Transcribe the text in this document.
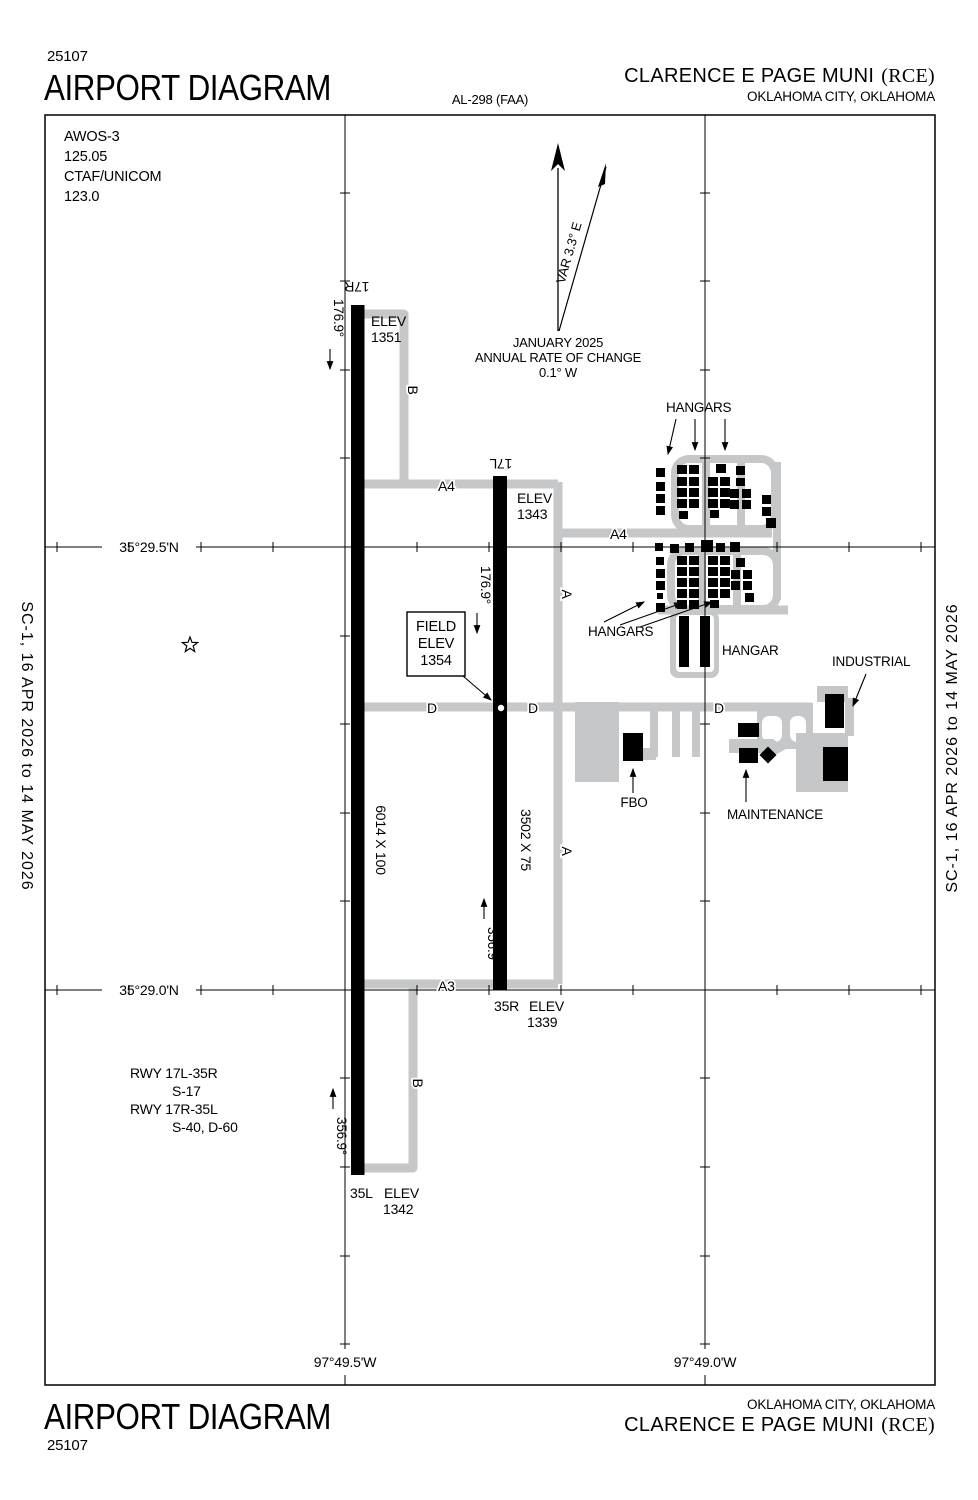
25107
AIRPORT DIAGRAM	AL-298 (FAA)
CLARENCE E PAGE MUNI (RCE)
OKLAHOMA CITY, OKLAHOMA
SC-1, 16 APR 2026 to 14 MAY 2026	SC-1, 16 APR 2026 to 14 MAY 2026
VAR 3.3° E
JANUARY 2025
ANNUAL RATE OF CHANGE
0.1° W
AWOS-3
125.05
CTAF/UNICOM
123.0
17R
17L
35R ELEV
1339
35L ELEV
1342
ELEV
1351
ELEV
1343
176.9°
176.9°
356.9°
356.9°
6014 X 100	3502 X 75
B
B
A
A
A4
A4
A3
D	D	D
FIELD
ELEV
1354
HANGARS
HANGARS
HANGAR
INDUSTRIAL
FBO
MAINTENANCE
RWY 17L-35R
S-17
RWY 17R-35L
S-40, D-60
35°29.5'N
35°29.0'N
97°49.5'W	97°49.0'W
OKLAHOMA CITY, OKLAHOMA
CLARENCE E PAGE MUNI (RCE)
AIRPORT DIAGRAM
25107
